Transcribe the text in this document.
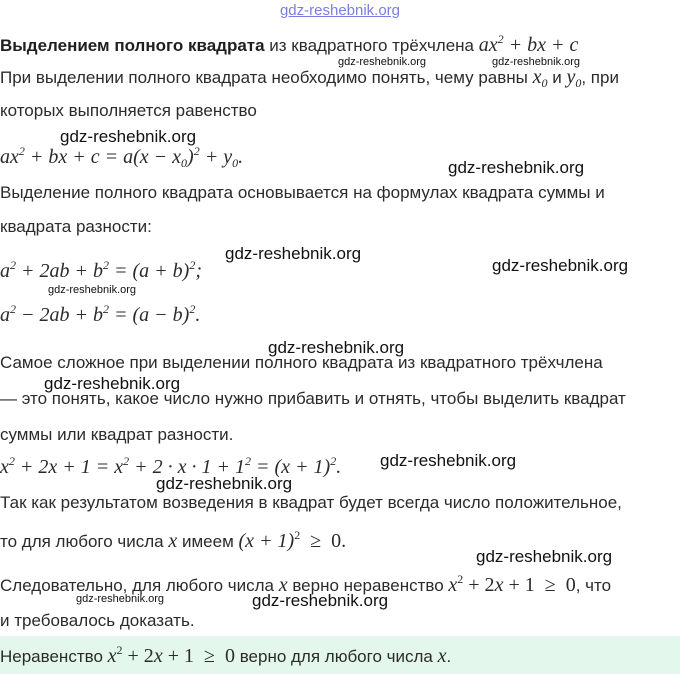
gdz-reshebnik.org
Выделением полного квадрата из квадратного трёхчлена $ax^2$ + bx + c
При выделении полного квадрата необходимо понять, чему равны $x_0$ и $y_0$, при
которых выполняется равенство
$ax^2$ + bx + $c = a(x - x_0)^2 + y_0$.
Выделение полного квадрата основывается на формулах квадрата суммы и
квадрата разности:
$a^2 + 2ab + b^2 = (a + b)^2$;
$a^2 - 2ab + b^2 = (a - b)^2$.
Самое сложное при выделении полного квадрата из квадратного трёхчлена
— это понять, какое число нужно прибавить и отнять, чтобы выделить квадрат
суммы или квадрат разности.
$x^2 + 2x + 1 = x^2 + 2 \cdot x \cdot 1 + 1^2 = (x + 1)^2$.
Так как результатом возведения в квадрат будет всегда число положительное,
то для любого числа x имеем $(x + 1)^2 \ge 0$.
Следовательно, для любого числа x верно неравенство $x^2 + 2x + 1 \ge 0$, что
и требовалось доказать.
Неравенство $x^2 + 2x + 1 \ge 0$ верно для любого числа x.
gdz-reshebnik.org	gdz-reshebnik.org
gdz-reshebnik.org
gdz-reshebnik.org
gdz-reshebnik.org
gdz-reshebnik.org
gdz-reshebnik.org
gdz-reshebnik.org
gdz-reshebnik.org
gdz-reshebnik.org
gdz-reshebnik.org
gdz-reshebnik.org
gdz-reshebnik.org	gdz-reshebnik.org
